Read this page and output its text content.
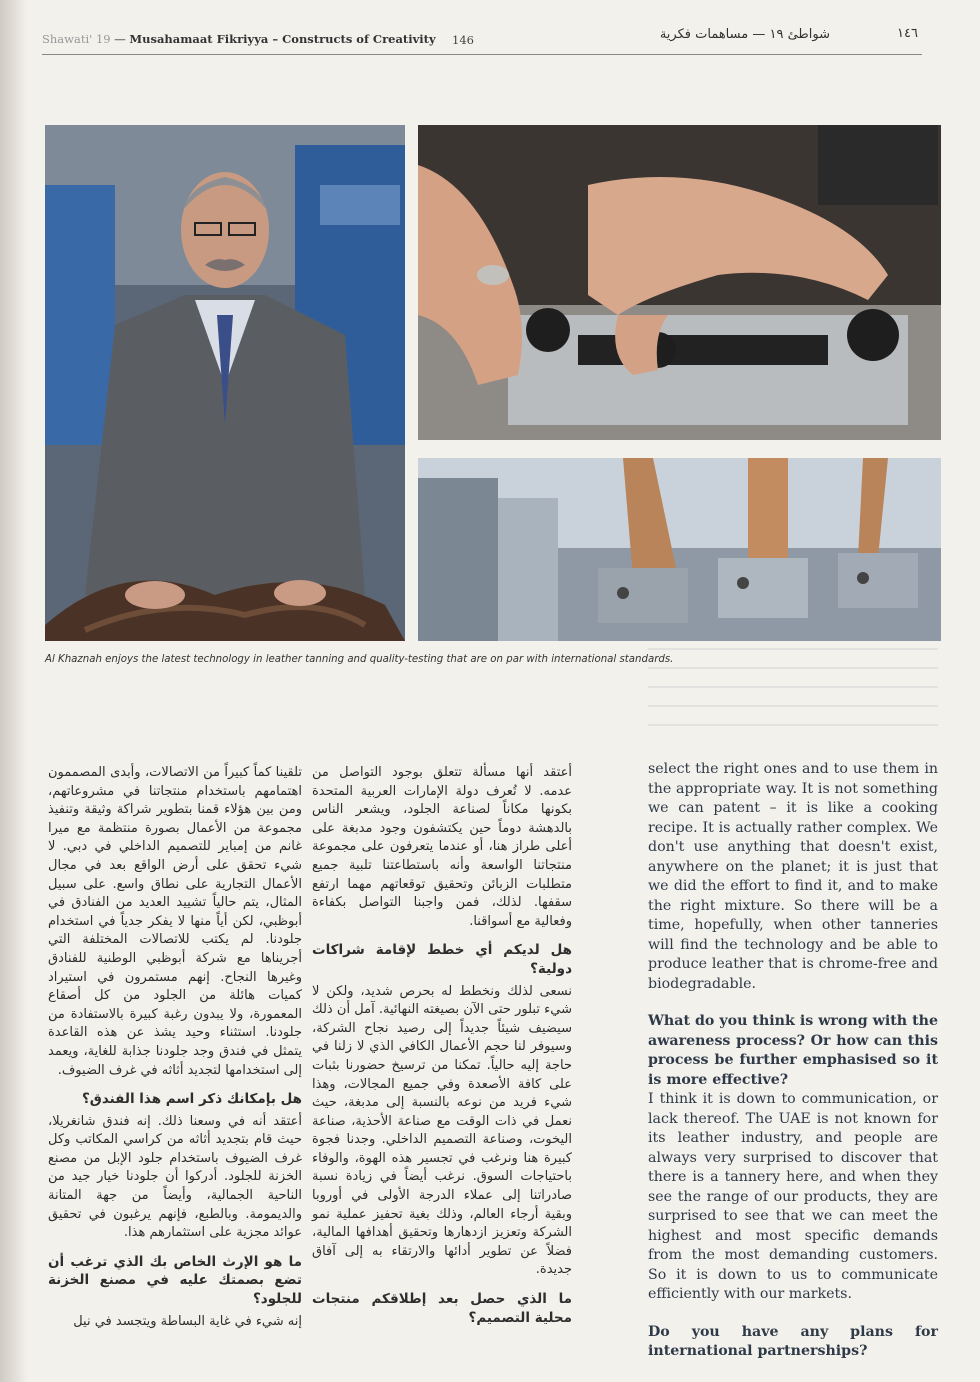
Shawati' 19 — Musahamaat Fikriyya – Constructs of Creativity 146	شواطئ ١٩ — مساهمات فكرية	١٤٦
Al Khaznah enjoys the latest technology in leather tanning and quality-testing that are on par with international standards.

أعتقد أنها مسألة تتعلق بوجود التواصل من عدمه. لا تُعرف دولة الإمارات العربية المتحدة بكونها مكاناً لصناعة الجلود، ويشعر الناس بالدهشة دوماً حين يكتشفون وجود مدبغة على أعلى طراز هنا، أو عندما يتعرفون على مجموعة منتجاتنا الواسعة وأنه باستطاعتنا تلبية جميع متطلبات الزبائن وتحقيق توقعاتهم مهما ارتفع سقفها. لذلك، فمن واجبنا التواصل بكفاءة وفعالية مع أسواقنا.

هل لديكم أي خطط لإقامة شراكات دولية؟

نسعى لذلك ونخطط له بحرص شديد، ولكن لا شيء تبلور حتى الآن بصيغته النهائية. آمل أن ذلك سيضيف شيئاً جديداً إلى رصيد نجاح الشركة، وسيوفر لنا حجم الأعمال الكافي الذي لا زلنا في حاجة إليه حالياً. تمكنا من ترسيخ حضورنا بثبات على كافة الأصعدة وفي جميع المجالات، وهذا شيء فريد من نوعه بالنسبة إلى مدبغة، حيث نعمل في ذات الوقت مع صناعة الأحذية، صناعة اليخوت، وصناعة التصميم الداخلي. وجدنا فجوة كبيرة هنا ونرغب في تجسير هذه الهوة، والوفاء باحتياجات السوق. نرغب أيضاً في زيادة نسبة صادراتنا إلى عملاء الدرجة الأولى في أوروبا وبقية أرجاء العالم، وذلك بغية تحفيز عملية نمو الشركة وتعزيز ازدهارها وتحقيق أهدافها المالية، فضلاً عن تطوير أدائها والارتقاء به إلى آفاق جديدة.

ما الذي حصل بعد إطلاقكم منتجات محلية التصميم؟

تلقينا كماً كبيراً من الاتصالات، وأبدى المصممون اهتمامهم باستخدام منتجاتنا في مشروعاتهم، ومن بين هؤلاء قمنا بتطوير شراكة وثيقة وتنفيذ مجموعة من الأعمال بصورة منتظمة مع ميرا غانم من إمباير للتصميم الداخلي في دبي. لا شيء تحقق على أرض الواقع بعد في مجال الأعمال التجارية على نطاق واسع. على سبيل المثال، يتم حالياً تشييد العديد من الفنادق في أبوظبي، لكن أياً منها لا يفكر جدياً في استخدام جلودنا. لم يكتب للاتصالات المختلفة التي أجريناها مع شركة أبوظبي الوطنية للفنادق وغيرها النجاح. إنهم مستمرون في استيراد كميات هائلة من الجلود من كل أصقاع المعمورة، ولا يبدون رغبة كبيرة بالاستفادة من جلودنا. استثناء وحيد يشذ عن هذه القاعدة يتمثل في فندق وجد جلودنا جذابة للغاية، ويعمد إلى استخدامها لتجديد أثاثه في غرف الضيوف.

هل بإمكانك ذكر اسم هذا الفندق؟

أعتقد أنه في وسعنا ذلك. إنه فندق شانغريلا، حيث قام بتجديد أثاثه من كراسي المكاتب وكل غرف الضيوف باستخدام جلود الإبل من مصنع الخزنة للجلود. أدركوا أن جلودنا خيار جيد من الناحية الجمالية، وأيضاً من جهة المتانة والديمومة. وبالطبع، فإنهم يرغبون في تحقيق عوائد مجزية على استثمارهم هذا.

ما هو الإرث الخاص بك الذي ترغب أن تضع بصمتك عليه في مصنع الخزنة للجلود؟

إنه شيء في غاية البساطة ويتجسد في نيل

select the right ones and to use them in the appropriate way. It is not something we can patent – it is like a cooking recipe. It is actually rather complex. We don't use anything that doesn't exist, anywhere on the planet; it is just that we did the effort to find it, and to make the right mixture. So there will be a time, hopefully, when other tanneries will find the technology and be able to produce leather that is chrome-free and biodegradable.

What do you think is wrong with the awareness process? Or how can this process be further emphasised so it is more effective?

I think it is down to communication, or lack thereof. The UAE is not known for its leather industry, and people are always very surprised to discover that there is a tannery here, and when they see the range of our products, they are surprised to see that we can meet the highest and most specific demands from the most demanding customers. So it is down to us to communicate efficiently with our markets.

Do you have any plans for international partnerships?
